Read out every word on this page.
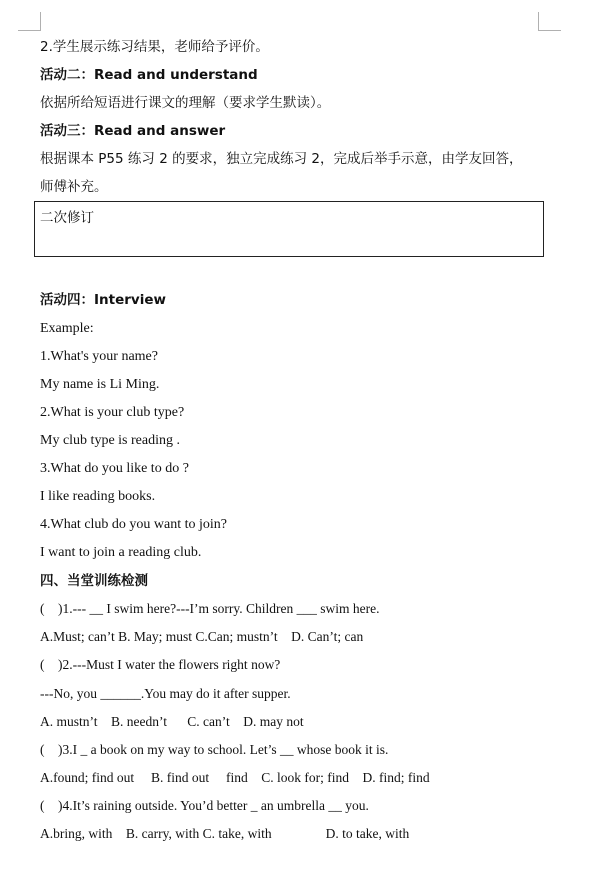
2.学生展示练习结果，老师给予评价。
活动二：Read and understand
依据所给短语进行课文的理解（要求学生默读）。
活动三：Read and answer
根据课本 P55 练习 2 的要求，独立完成练习 2，完成后举手示意，由学友回答，
师傅补充。
二次修订
活动四：Interview
Example:
1.What's your name?
My name is Li Ming.
2.What is your club type?
My club type is reading .
3.What do you like to do ?
I like reading books.
4.What club do you want to join?
I want to join a reading club.
四、当堂训练检测
(    )1.--- __ I swim here?---I’m sorry. Children ___ swim here.
A.Must; can’t B. May; must C.Can; mustn’t    D. Can’t; can
(    )2.---Must I water the flowers right now?
---No, you ______.You may do it after supper.
A. mustn’t    B. needn’t      C. can’t    D. may not
(    )3.I _ a book on my way to school. Let’s __ whose book it is.
A.found; find out     B. find out     find    C. look for; find    D. find; find
(    )4.It’s raining outside. You’d better _ an umbrella __ you.
A.bring, with    B. carry, with C. take, with                D. to take, with
